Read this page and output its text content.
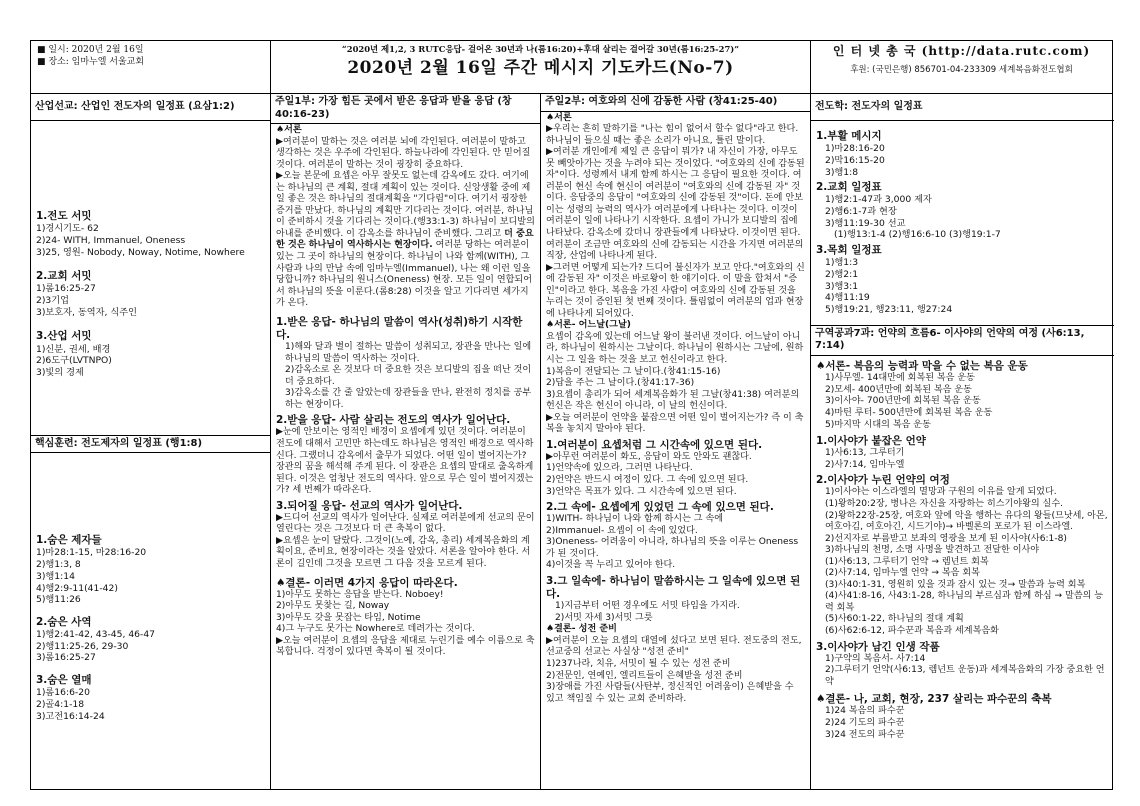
■ 일시: 2020년 2월 16일
■ 장소: 임마누엘 서울교회
“2020년 제1,2, 3 RUTC응답- 걸어온 30년과 나(롬16:20)+후대 살리는 걸어갈 30년(롬16:25-27)”
2020년 2월 16일 주간 메시지 기도카드(No-7)
인 터 넷 총 국 (http://data.rutc.com)
후원: (국민은행) 856701-04-233309 세계복음화전도협회
산업선교: 산업인 전도자의 일정표 (요삼1:2)
1.전도 서밋
1)경시기도- 62
2)24- WITH, Immanuel, Oneness
3)25, 영원- Nobody, Noway, Notime, Nowhere
2.교회 서밋
1)롬16:25-27
2)3기업
3)보호자, 동역자, 식주인
3.산업 서밋
1)신분, 권세, 배경
2)6도구(LVTNPO)
3)빛의 경제
핵심훈련: 전도제자의 일정표 (행1:8)
1.숨은 제자들
1)마28:1-15, 마28:16-20
2)행1:3, 8
3)행1:14
4)행2:9-11(41-42)
5)행11:26
2.숨은 사역
1)행2:41-42, 43-45, 46-47
2)행11:25-26, 29-30
3)롬16:25-27
3.숨은 열매
1)롬16:6-20
2)골4:1-18
3)고전16:14-24
주일1부: 가장 힘든 곳에서 받은 응답과 받을 응답 (창40:16-23)
♠서론
▶여러분이 말하는 것은 여러분 뇌에 각인된다. 여러분이 말하고 생각하는 것은 우주에 각인된다. 하늘나라에 각인된다. 안 믿어질 것이다. 여러분이 말하는 것이 굉장히 중요하다.
▶오늘 본문에 요셉은 아무 잘못도 없는데 감옥에도 갔다. 여기에는 하나님의 큰 계획, 절대 계획이 있는 것이다. 신앙생활 중에 제일 좋은 것은 하나님의 절대계획을 "기다림"이다. 여기서 굉장한 증거를 만났다. 하나님의 계획만 기다리는 것이다. 여러분, 하나님이 준비하시 것을 기다리는 것이다.(행33:1-3) 하나님이 보디발의 아내를 준비했다. 이 감옥소를 하나님이 준비했다. 그리고 더 중요한 것은 하나님이 역사하시는 현장이다. 여러분 당하는 여러분이 있는 그 곳이 하나님의 현장이다. 하나님이 나와 함께(WITH), 그 사람과 나의 만남 속에 임마누엘(Immanuel), 나는 왜 이런 일을 당합니까? 하나님의 원니스(Oneness) 현장. 모든 일이 연합되어서 하나님의 뜻을 이룬다.(롬8:28) 이것을 알고 기다리면 세가지가 온다.
1.받은 응답- 하나님의 말씀이 역사(성취)하기 시작한다.
1)해와 달과 별이 절하는 말씀이 성취되고, 장관을 만나는 일에 하나님의 말씀이 역사하는 것이다.
2)감옥소로 온 것보다 더 중요한 것은 보디발의 집을 떠난 것이 더 중요하다.
3)감옥소를 간 줄 알았는데 장관들을 만나, 완전히 정치를 공부하는 현장이다.
2.받을 응답- 사람 살리는 전도의 역사가 일어난다.
▶눈에 안보이는 영적인 배경이 요셉에게 있던 것이다. 여러분이 전도에 대해서 고민만 하는데도 하나님은 영적인 배경으로 역사하신다. 그랬더니 감옥에서 출무가 되었다. 어떤 일이 벌어지는가? 장관의 꿈을 해석해 주게 된다. 이 장관은 요셉의 말대로 출옥하게 된다. 이것은 엄청난 전도의 역사다. 앞으로 무슨 일이 벌어지겠는가? 세 번째가 따라온다.
3.되어질 응답- 선교의 역사가 일어난다.
▶드디어 선교의 역사가 일어난다. 실제로 여러분에게 선교의 문이 열린다는 것은 그것보다 더 큰 축복이 없다.
▶요셉은 눈이 달랐다. 그것이(노예, 감옥, 총리) 세계복음화의 계획이요, 준비요, 현장이라는 것을 알았다. 서론을 알아야 한다. 서론이 길인데 그것을 모르면 그 다음 것을 모르게 된다.
♠결론- 이러면 4가지 응답이 따라온다.
1)아무도 못하는 응답을 받는다. Noboey!
2)아무도 못찾는 길, Noway
3)아무도 갖을 못잡는 타임, Notime
4)그 누구도 못가는 Nowhere로 데려가는 것이다.
▶오늘 여러분이 요셉의 응답을 제대로 누린기를 예수 이름으로 축복합니다. 걱정이 있다면 축복이 될 것이다.
주일2부: 여호와의 신에 감동한 사람 (창41:25-40)
♠서론
▶우리는 흔히 말하기를 "나는 힘이 없어서 할수 없다"라고 한다. 하나님이 들으실 때는 좋은 소리가 아니요, 틀린 말이다.
▶여러분 개인에게 제일 큰 응답이 뭐가? 내 자신이 가장, 아무도 못 빼앗아가는 것을 누려야 되는 것이었다. "여호와의 신에 감동된 자"이다. 성령께서 내게 함께 하시는 그 응답이 필요한 것이다. 여러분이 현신 속에 현신이 여러분이 "여호와의 신에 감동된 자" 것이다. 응답중의 응답이 "여호와의 신에 감동된 것"이다. 돈에 안보이는 성령의 능력의 역사가 여러분에게 나타나는 것이다. 이것이 여러분이 일에 나타나기 시작한다. 요셉이 가니가 보디발의 집에 나타났다. 감옥소에 갔더니 장관들에게 나타났다. 이것이면 된다. 여러분이 조금만 여호와의 신에 감동되는 시간을 가지면 여러분의 직장, 산업에 나타나게 된다.
▶그러면 어떻게 되는가? 드디어 불신자가 보고 안다."여호와의 신에 감동된 자" 이것은 바로왕이 한 얘기이다. 이 말을 합쳐서 "증인"이라고 한다. 복음을 가진 사람이 여호와의 신에 감동된 것을 누리는 것이 증인된 첫 번째 것이다. 틀림없이 여러분의 업과 현장에 나타나게 되어있다.
♠서론- 어느날(그날)
요셉이 감옥에 있는데 어느날 왕이 불러낸 것이다. 어느날이 아니라, 하나님이 원하시는 그날이다. 하나님이 원하시는 그날에, 원하시는 그 일을 하는 것을 보고 헌신이라고 한다.
1)복음이 전달되는 그 날이다.(창41:15-16)
2)답을 주는 그 날이다.(창41:17-36)
3)요셉이 총리가 되어 세계복음화가 된 그날(창41:38) 여러분의 헌신은 작은 헌신이 아니라, 이 날의 헌신이다.
▶오늘 여러분이 언약을 붙잡으면 어떤 일이 벌어지는가? 즉 이 축복을 놓치지 말아야 된다.
1.여러분이 요셉처럼 그 시간속에 있으면 된다.
▶아무런 여러분이 화도, 응답이 와도 안와도 괜찮다.
1)언약속에 있으라, 그러면 나타난다.
2)언약은 반드시 여정이 있다. 그 속에 있으면 된다.
3)언약은 목표가 있다. 그 시간속에 있으면 된다.
2.그 속에- 요셉에게 있었던 그 속에 있으면 된다.
1)WITH- 하나님이 나와 함께 하시는 그 속에
2)Immanuel- 요셉이 이 속에 있었다.
3)Oneness- 어려움이 아니라, 하나님의 뜻을 이루는 Oneness가 된 것이다.
4)이것을 꼭 누리고 있어야 한다.
3.그 일속에- 하나님이 말씀하시는 그 일속에 있으면 된다.
1)지금부터 어떤 경우에도 서밋 타임을 가지라.
2)서밋 자세 3)서밋 그릇
♠결론- 성전 준비
▶여러분이 오늘 요셉의 대열에 섰다고 보면 된다. 전도중의 전도, 선교중의 선교는 사실상 "성전 준비"
1)237나라, 치유, 서밋이 될 수 있는 성전 준비
2)전문인, 연예인, 엘리트들이 은혜받을 성전 준비
3)장애를 가진 사람들(사탄부, 정신적인 어려움이) 은혜받을 수 있고 책임질 수 있는 교회 준비하라.
전도학: 전도자의 일정표
1.부활 메시지
1)마28:16-20
2)막16:15-20
3)행1:8
2.교회 일정표
1)행2:1-47과 3,000 제자
2)행6:1-7과 현장
3)행11:19-30 선교
(1)행13:1-4 (2)행16:6-10 (3)행19:1-7
3.목회 일정표
1)행1:3
2)행2:1
3)행3:1
4)행11:19
5)행19:21, 행23:11, 행27:24
구역공과7과: 언약의 흐름6- 이사야의 언약의 여정 (사6:13, 7:14)
♠서론- 복음의 능력과 막을 수 없는 복음 운동
1)사무엘- 14대만에 회복된 복음 운동
2)모세- 400년만에 회복된 복음 운동
3)이사야- 700년만에 회복된 복음 운동
4)마틴 루터- 500년만에 회복된 복음 운동
5)마지막 시대의 복음 운동
1.이사야가 붙잡은 언약
1)사6:13, 그루터기
2)사7:14, 임마누엘
2.이사야가 누린 언약의 여정
1)이사야는 이스라엘의 멸망과 구원의 이유를 알게 되었다.
(1)왕하20:2장, 병나은 자신을 자랑하는 히스기야왕의 실수.
(2)왕하22장-25장, 여호와 앞에 악을 행하는 유다의 왕들(므낫세, 아몬, 여호아김, 여호아긴, 시드기야)→ 바벨론의 포로가 된 이스라엘.
2)선지자로 부름받고 보좌의 영광을 보게 된 이사야(사6:1-8)
3)하나님의 천명, 소명 사명을 발견하고 전달한 이사야
(1)사6:13, 그루터기 언약 → 렘넌트 회복
(2)사7:14, 임마누엘 언약 → 복음 회복
(3)사40:1-31, 영원히 있을 것과 잠시 있는 것→ 말씀과 능력 회복
(4)사41:8-16, 사43:1-28, 하나님의 부르심과 함께 하심 → 말씀의 능력 회복
(5)사60:1-22, 하나님의 절대 계획
(6)사62:6-12, 파수꾼과 복음과 세계복음화
3.이사야가 남긴 인생 작품
1)구약의 복음서- 사7:14
2)그루터기 언약(사6:13, 렘넌트 운동)과 세계복음화의 가장 중요한 언약
♠결론- 나, 교회, 현장, 237 살리는 파수꾼의 축복
1)24 복음의 파수꾼
2)24 기도의 파수꾼
3)24 전도의 파수꾼
